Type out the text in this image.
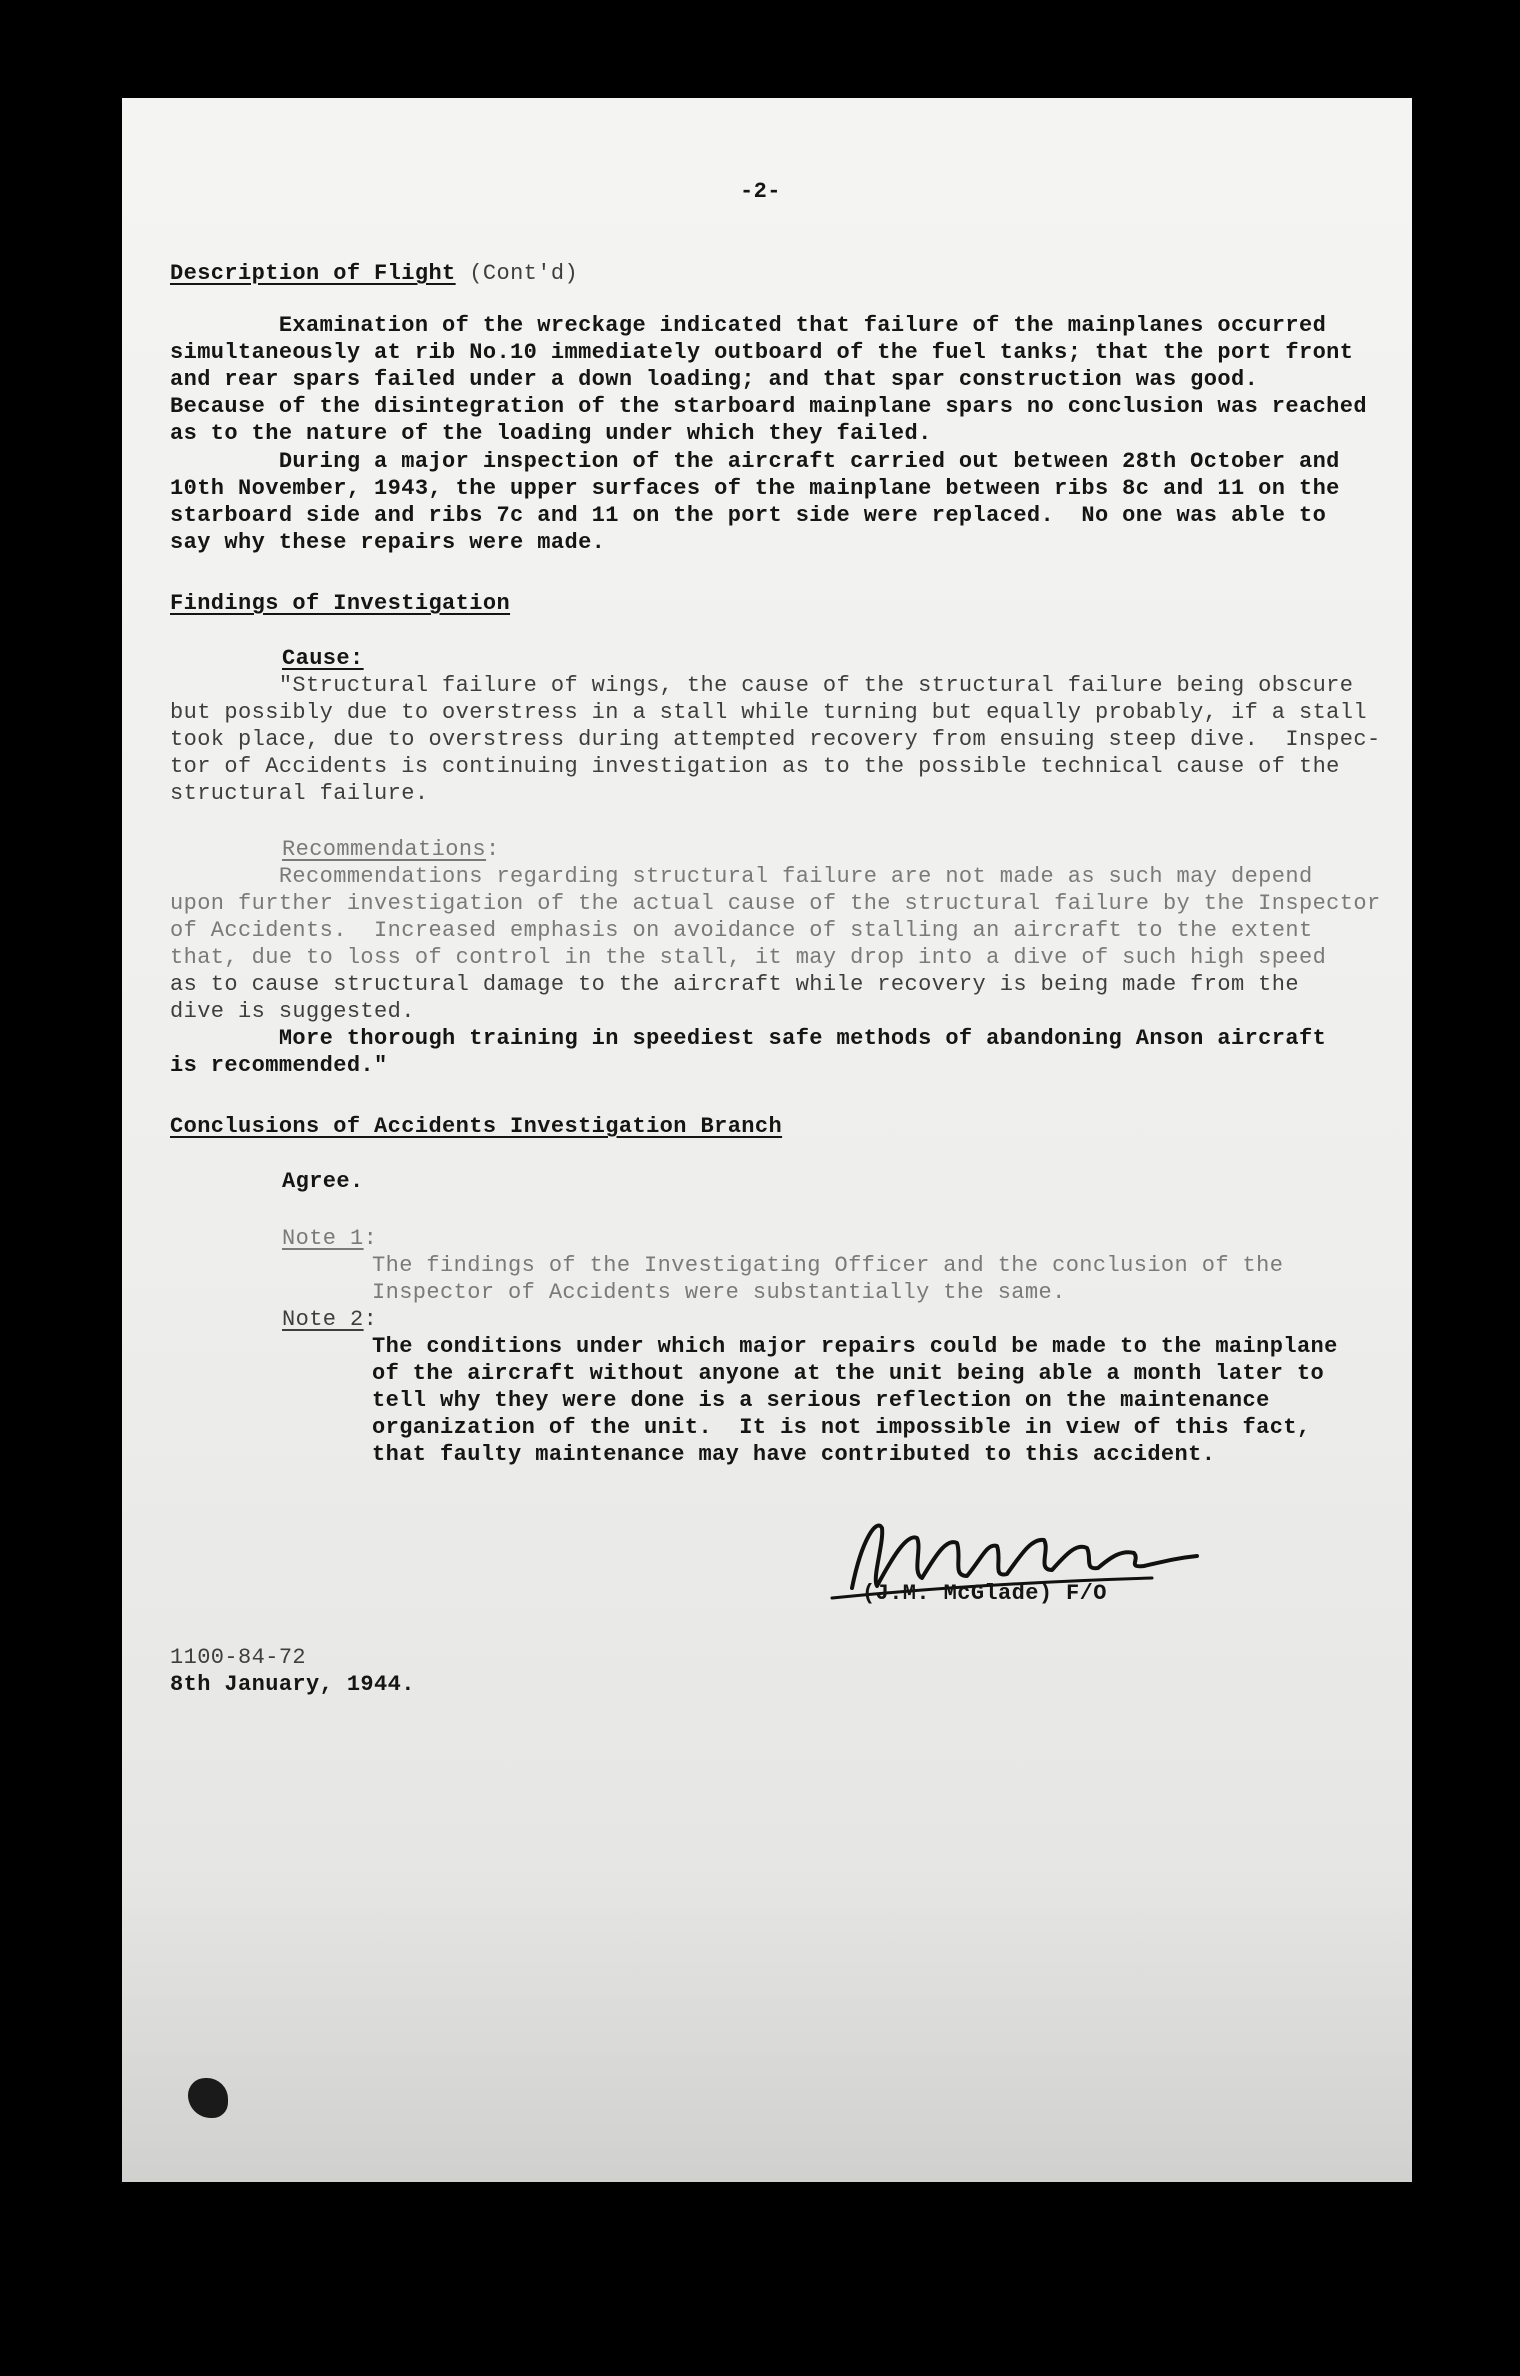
-2-
Description of Flight (Cont'd)
Examination of the wreckage indicated that failure of the mainplanes occurred
simultaneously at rib No.10 immediately outboard of the fuel tanks; that the port front
and rear spars failed under a down loading; and that spar construction was good.
Because of the disintegration of the starboard mainplane spars no conclusion was reached
as to the nature of the loading under which they failed.
During a major inspection of the aircraft carried out between 28th October and
10th November, 1943, the upper surfaces of the mainplane between ribs 8c and 11 on the
starboard side and ribs 7c and 11 on the port side were replaced.  No one was able to
say why these repairs were made.
Findings of Investigation
Cause:
"Structural failure of wings, the cause of the structural failure being obscure
but possibly due to overstress in a stall while turning but equally probably, if a stall
took place, due to overstress during attempted recovery from ensuing steep dive.  Inspec-
tor of Accidents is continuing investigation as to the possible technical cause of the
structural failure.
Recommendations:
Recommendations regarding structural failure are not made as such may depend
upon further investigation of the actual cause of the structural failure by the Inspector
of Accidents.  Increased emphasis on avoidance of stalling an aircraft to the extent
that, due to loss of control in the stall, it may drop into a dive of such high speed
as to cause structural damage to the aircraft while recovery is being made from the
dive is suggested.
More thorough training in speediest safe methods of abandoning Anson aircraft
is recommended."
Conclusions of Accidents Investigation Branch
Agree.
Note 1:
The findings of the Investigating Officer and the conclusion of the
Inspector of Accidents were substantially the same.
Note 2:
The conditions under which major repairs could be made to the mainplane
of the aircraft without anyone at the unit being able a month later to
tell why they were done is a serious reflection on the maintenance
organization of the unit.  It is not impossible in view of this fact,
that faulty maintenance may have contributed to this accident.
(J.M. McGlade) F/O
1100-84-72
8th January, 1944.
